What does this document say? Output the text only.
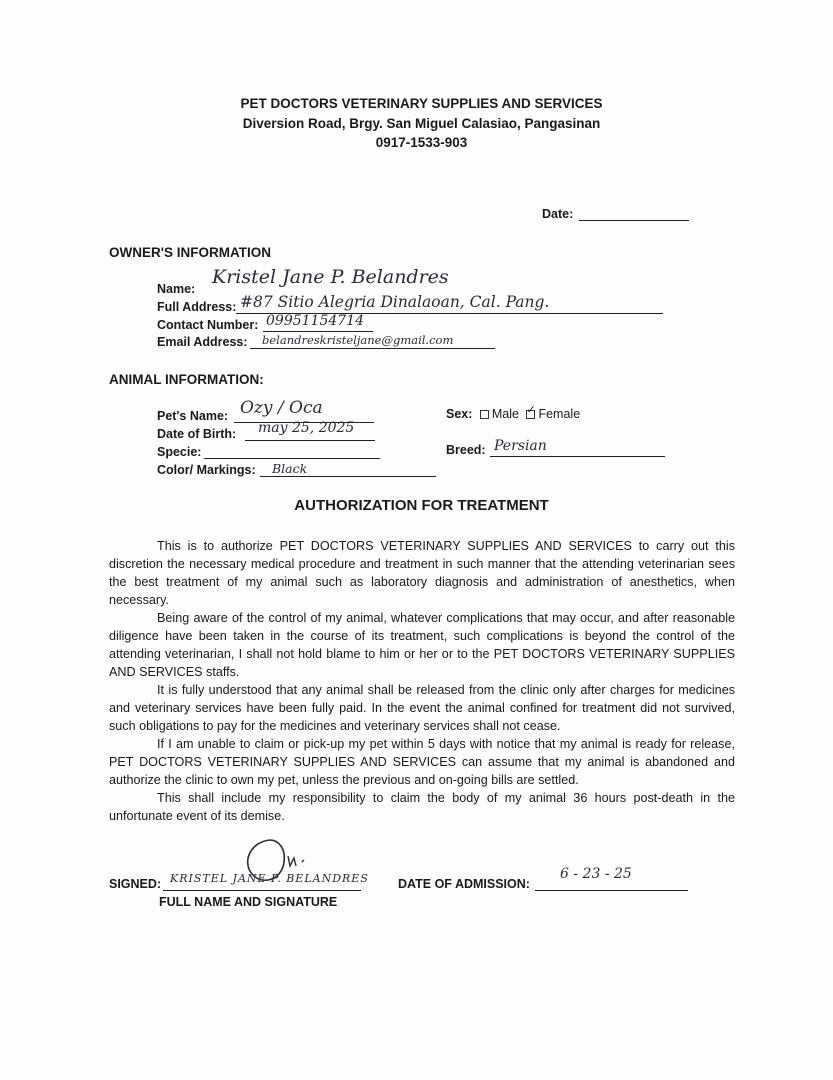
PET DOCTORS VETERINARY SUPPLIES AND SERVICES
Diversion Road, Brgy. San Miguel Calasiao, Pangasinan
0917-1533-903
Date:
OWNER'S INFORMATION
Name:
Kristel Jane P. Belandres
Full Address: #87 Sitio Alegria Dinalaoan, Cal. Pang.
Contact Number: 09951154714
Email Address: belandreskristeljane@gmail.com
ANIMAL INFORMATION:
Pet's Name: Ozy / Oca
Date of Birth: may 25, 2025
Specie:
Color/ Markings: Black
Sex: Male ✓ Female
Breed: Persian
AUTHORIZATION FOR TREATMENT

This is to authorize PET DOCTORS VETERINARY SUPPLIES AND SERVICES to carry out this discretion the necessary medical procedure and treatment in such manner that the attending veterinarian sees the best treatment of my animal such as laboratory diagnosis and administration of anesthetics, when necessary.

Being aware of the control of my animal, whatever complications that may occur, and after reasonable diligence have been taken in the course of its treatment, such complications is beyond the control of the attending veterinarian, I shall not hold blame to him or her or to the PET DOCTORS VETERINARY SUPPLIES AND SERVICES staffs.

It is fully understood that any animal shall be released from the clinic only after charges for medicines and veterinary services have been fully paid. In the event the animal confined for treatment did not survived, such obligations to pay for the medicines and veterinary services shall not cease.

If I am unable to claim or pick-up my pet within 5 days with notice that my animal is ready for release, PET DOCTORS VETERINARY SUPPLIES AND SERVICES can assume that my animal is abandoned and authorize the clinic to own my pet, unless the previous and on-going bills are settled.

This shall include my responsibility to claim the body of my animal 36 hours post-death in the unfortunate event of its demise.

SIGNED: KRISTEL JANE P. BELANDRES
FULL NAME AND SIGNATURE
DATE OF ADMISSION:
6 - 23 - 25
